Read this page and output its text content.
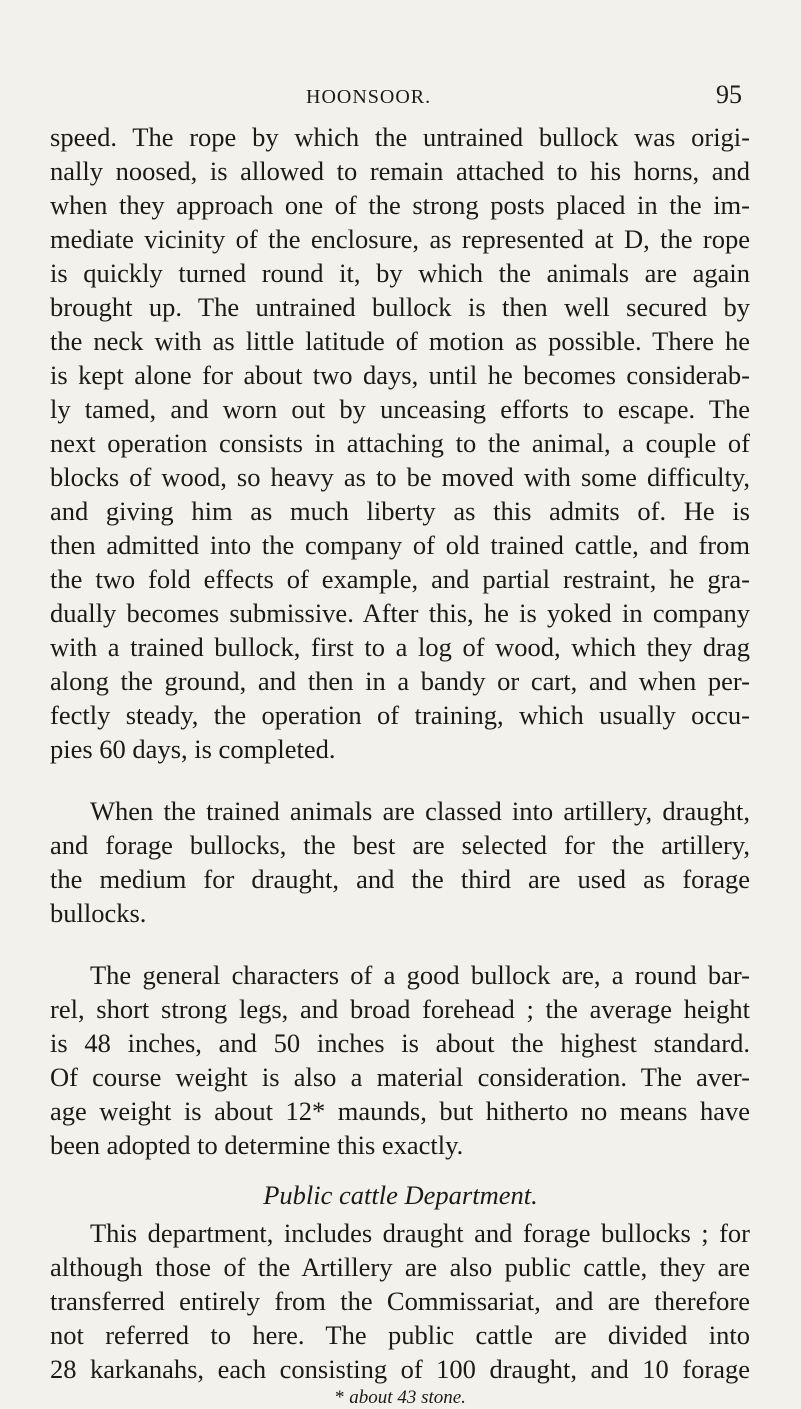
HOONSOOR.	95
speed. The rope by which the untrained bullock was origi-
nally noosed, is allowed to remain attached to his horns, and
when they approach one of the strong posts placed in the im-
mediate vicinity of the enclosure, as represented at D, the rope
is quickly turned round it, by which the animals are again
brought up. The untrained bullock is then well secured by
the neck with as little latitude of motion as possible. There he
is kept alone for about two days, until he becomes considerab-
ly tamed, and worn out by unceasing efforts to escape. The
next operation consists in attaching to the animal, a couple of
blocks of wood, so heavy as to be moved with some difficulty,
and giving him as much liberty as this admits of. He is
then admitted into the company of old trained cattle, and from
the two fold effects of example, and partial restraint, he gra-
dually becomes submissive. After this, he is yoked in company
with a trained bullock, first to a log of wood, which they drag
along the ground, and then in a bandy or cart, and when per-
fectly steady, the operation of training, which usually occu-
pies 60 days, is completed.
When the trained animals are classed into artillery, draught,
and forage bullocks, the best are selected for the artillery,
the medium for draught, and the third are used as forage
bullocks.
The general characters of a good bullock are, a round bar-
rel, short strong legs, and broad forehead ; the average height
is 48 inches, and 50 inches is about the highest standard.
Of course weight is also a material consideration. The aver-
age weight is about 12* maunds, but hitherto no means have
been adopted to determine this exactly.
Public cattle Department.
This department, includes draught and forage bullocks ; for
although those of the Artillery are also public cattle, they are
transferred entirely from the Commissariat, and are therefore
not referred to here. The public cattle are divided into
28 karkanahs, each consisting of 100 draught, and 10 forage
* about 43 stone.
